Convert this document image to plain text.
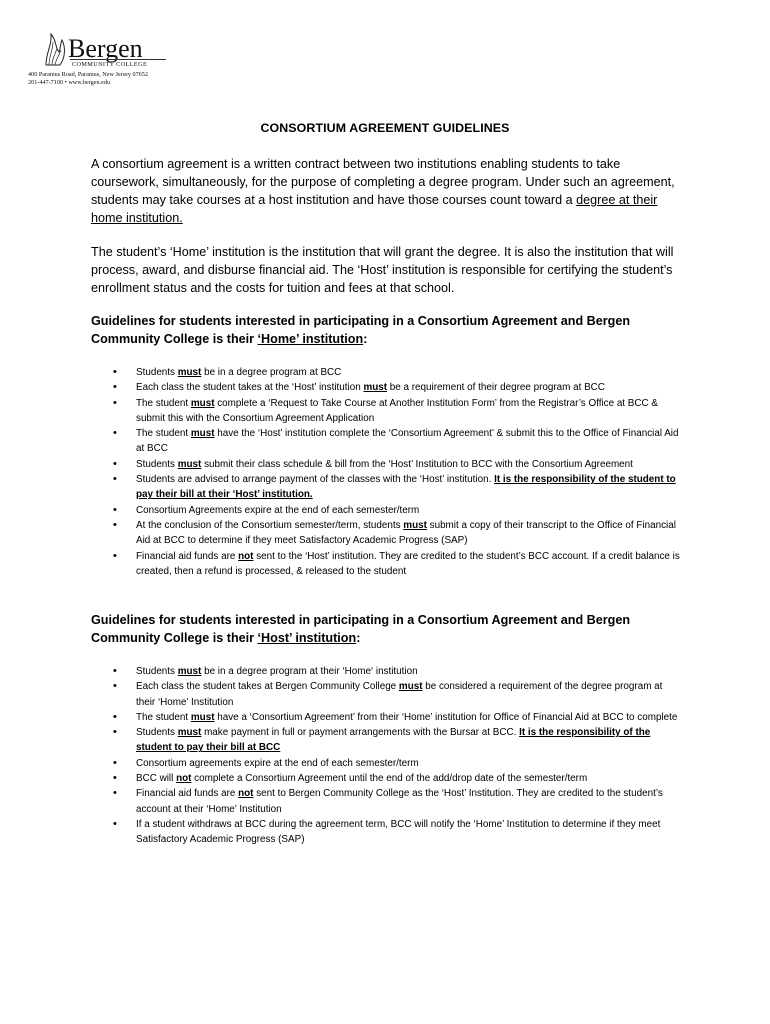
Bergen
COMMUNITY COLLEGE
400 Paramus Road, Paramus, New Jersey 07652
201-447-7100 • www.bergen.edu
CONSORTIUM AGREEMENT GUIDELINES

A consortium agreement is a written contract between two institutions enabling students to take coursework, simultaneously, for the purpose of completing a degree program. Under such an agreement, students may take courses at a host institution and have those courses count toward a degree at their home institution.

The student’s ‘Home’ institution is the institution that will grant the degree. It is also the institution that will process, award, and disburse financial aid. The ‘Host’ institution is responsible for certifying the student’s enrollment status and the costs for tuition and fees at that school.

Guidelines for students interested in participating in a Consortium Agreement and Bergen Community College is their ‘Home’ institution:

• Students must be in a degree program at BCC
• Each class the student takes at the ‘Host’ institution must be a requirement of their degree program at BCC
• The student must complete a ‘Request to Take Course at Another Institution Form’ from the Registrar’s Office at BCC & submit this with the Consortium Agreement Application
• The student must have the ‘Host’ institution complete the ‘Consortium Agreement’ & submit this to the Office of Financial Aid at BCC
• Students must submit their class schedule & bill from the ‘Host’ Institution to BCC with the Consortium Agreement
• Students are advised to arrange payment of the classes with the ‘Host’ institution. It is the responsibility of the student to pay their bill at their ‘Host’ institution.
• Consortium Agreements expire at the end of each semester/term
• At the conclusion of the Consortium semester/term, students must submit a copy of their transcript to the Office of Financial Aid at BCC to determine if they meet Satisfactory Academic Progress (SAP)
• Financial aid funds are not sent to the ‘Host’ institution. They are credited to the student’s BCC account. If a credit balance is created, then a refund is processed, & released to the student

Guidelines for students interested in participating in a Consortium Agreement and Bergen Community College is their ‘Host’ institution:

• Students must be in a degree program at their ‘Home‘ institution
• Each class the student takes at Bergen Community College must be considered a requirement of the degree program at their ‘Home’ Institution
• The student must have a ‘Consortium Agreement’ from their ‘Home’ institution for Office of Financial Aid at BCC to complete
• Students must make payment in full or payment arrangements with the Bursar at BCC. It is the responsibility of the student to pay their bill at BCC
• Consortium agreements expire at the end of each semester/term
• BCC will not complete a Consortium Agreement until the end of the add/drop date of the semester/term
• Financial aid funds are not sent to Bergen Community College as the ‘Host’ Institution. They are credited to the student’s account at their ‘Home’ Institution
• If a student withdraws at BCC during the agreement term, BCC will notify the ‘Home’ Institution to determine if they meet Satisfactory Academic Progress (SAP)
